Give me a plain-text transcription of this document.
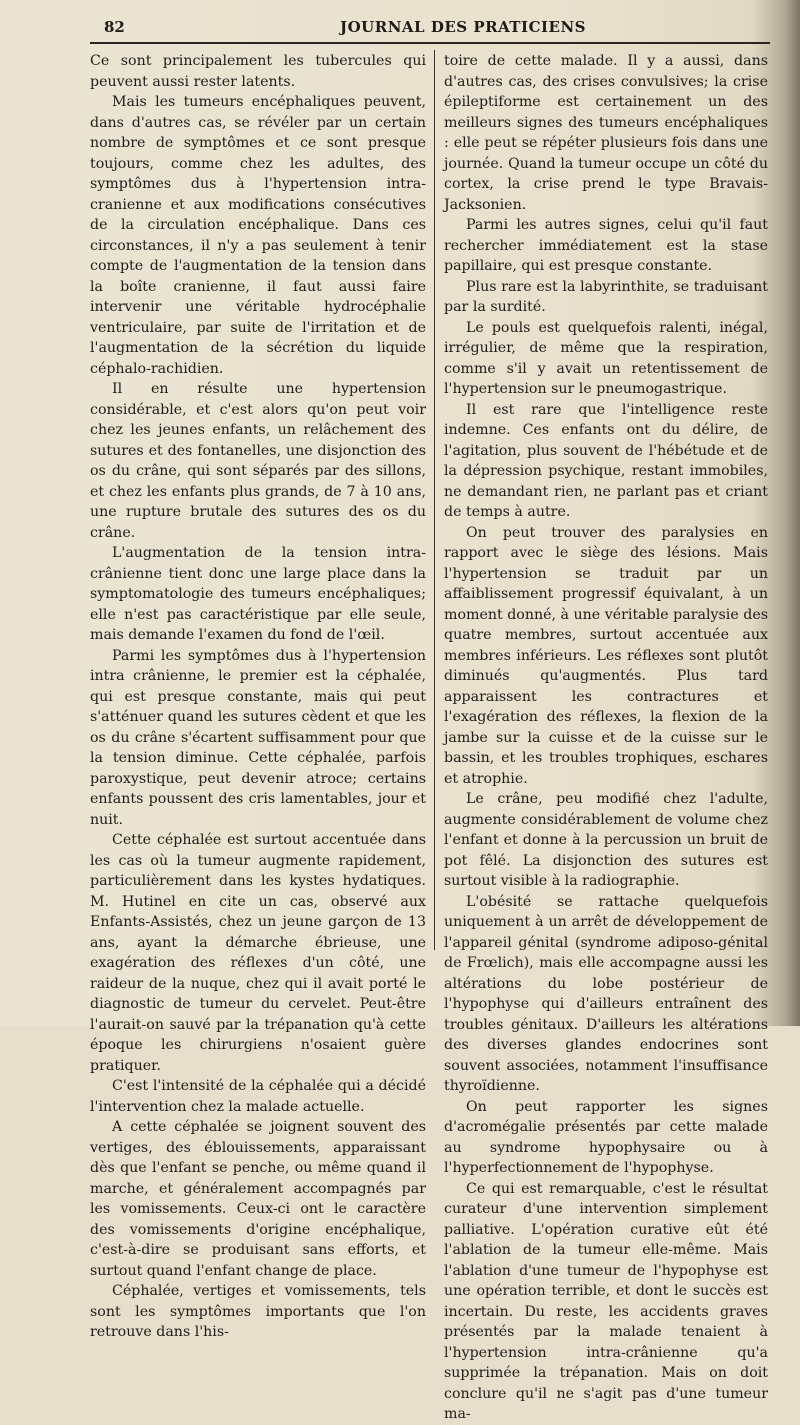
82	JOURNAL DES PRATICIENS

Ce sont principalement les tubercules qui peuvent aussi rester latents.

Mais les tumeurs encéphaliques peuvent, dans d'autres cas, se révéler par un certain nombre de symptômes et ce sont presque toujours, comme chez les adultes, des symptômes dus à l'hypertension intra-cranienne et aux modifications consécutives de la circulation encéphalique. Dans ces circonstances, il n'y a pas seulement à tenir compte de l'augmentation de la tension dans la boîte cranienne, il faut aussi faire intervenir une véritable hydrocéphalie ventriculaire, par suite de l'irritation et de l'augmentation de la sécrétion du liquide céphalo-rachidien.

Il en résulte une hypertension considérable, et c'est alors qu'on peut voir chez les jeunes enfants, un relâchement des sutures et des fontanelles, une disjonction des os du crâne, qui sont séparés par des sillons, et chez les enfants plus grands, de 7 à 10 ans, une rupture brutale des sutures des os du crâne.

L'augmentation de la tension intra-crânienne tient donc une large place dans la symptomatologie des tumeurs encéphaliques; elle n'est pas caractéristique par elle seule, mais demande l'examen du fond de l'œil.

Parmi les symptômes dus à l'hypertension intra crânienne, le premier est la céphalée, qui est presque constante, mais qui peut s'atténuer quand les sutures cèdent et que les os du crâne s'écartent suffisamment pour que la tension diminue. Cette céphalée, parfois paroxystique, peut devenir atroce; certains enfants poussent des cris lamentables, jour et nuit.

Cette céphalée est surtout accentuée dans les cas où la tumeur augmente rapidement, particulièrement dans les kystes hydatiques. M. Hutinel en cite un cas, observé aux Enfants-Assistés, chez un jeune garçon de 13 ans, ayant la démarche ébrieuse, une exagération des réflexes d'un côté, une raideur de la nuque, chez qui il avait porté le diagnostic de tumeur du cervelet. Peut-être l'aurait-on sauvé par la trépanation qu'à cette époque les chirurgiens n'osaient guère pratiquer.

C'est l'intensité de la céphalée qui a décidé l'intervention chez la malade actuelle.

A cette céphalée se joignent souvent des vertiges, des éblouissements, apparaissant dès que l'enfant se penche, ou même quand il marche, et généralement accompagnés par les vomissements. Ceux-ci ont le caractère des vomissements d'origine encéphalique, c'est-à-dire se produisant sans efforts, et surtout quand l'enfant change de place.

Céphalée, vertiges et vomissements, tels sont les symptômes importants que l'on retrouve dans l'his-

toire de cette malade. Il y a aussi, dans d'autres cas, des crises convulsives; la crise épileptiforme est certainement un des meilleurs signes des tumeurs encéphaliques : elle peut se répéter plusieurs fois dans une journée. Quand la tumeur occupe un côté du cortex, la crise prend le type Bravais-Jacksonien.

Parmi les autres signes, celui qu'il faut rechercher immédiatement est la stase papillaire, qui est presque constante.

Plus rare est la labyrinthite, se traduisant par la surdité.

Le pouls est quelquefois ralenti, inégal, irrégulier, de même que la respiration, comme s'il y avait un retentissement de l'hypertension sur le pneumogastrique.

Il est rare que l'intelligence reste indemne. Ces enfants ont du délire, de l'agitation, plus souvent de l'hébétude et de la dépression psychique, restant immobiles, ne demandant rien, ne parlant pas et criant de temps à autre.

On peut trouver des paralysies en rapport avec le siège des lésions. Mais l'hypertension se traduit par un affaiblissement progressif équivalant, à un moment donné, à une véritable paralysie des quatre membres, surtout accentuée aux membres inférieurs. Les réflexes sont plutôt diminués qu'augmentés. Plus tard apparaissent les contractures et l'exagération des réflexes, la flexion de la jambe sur la cuisse et de la cuisse sur le bassin, et les troubles trophiques, eschares et atrophie.

Le crâne, peu modifié chez l'adulte, augmente considérablement de volume chez l'enfant et donne à la percussion un bruit de pot fêlé. La disjonction des sutures est surtout visible à la radiographie.

L'obésité se rattache quelquefois uniquement à un arrêt de développement de l'appareil génital (syndrome adiposo-génital de Frœlich), mais elle accompagne aussi les altérations du lobe postérieur de l'hypophyse qui d'ailleurs entraînent des troubles génitaux. D'ailleurs les altérations des diverses glandes endocrines sont souvent associées, notamment l'insuffisance thyroïdienne.

On peut rapporter les signes d'acromégalie présentés par cette malade au syndrome hypophysaire ou à l'hyperfectionnement de l'hypophyse.

Ce qui est remarquable, c'est le résultat curateur d'une intervention simplement palliative. L'opération curative eût été l'ablation de la tumeur elle-même. Mais l'ablation d'une tumeur de l'hypophyse est une opération terrible, et dont le succès est incertain. Du reste, les accidents graves présentés par la malade tenaient à l'hypertension intra-crânienne qu'a supprimée la trépanation. Mais on doit conclure qu'il ne s'agit pas d'une tumeur ma-
